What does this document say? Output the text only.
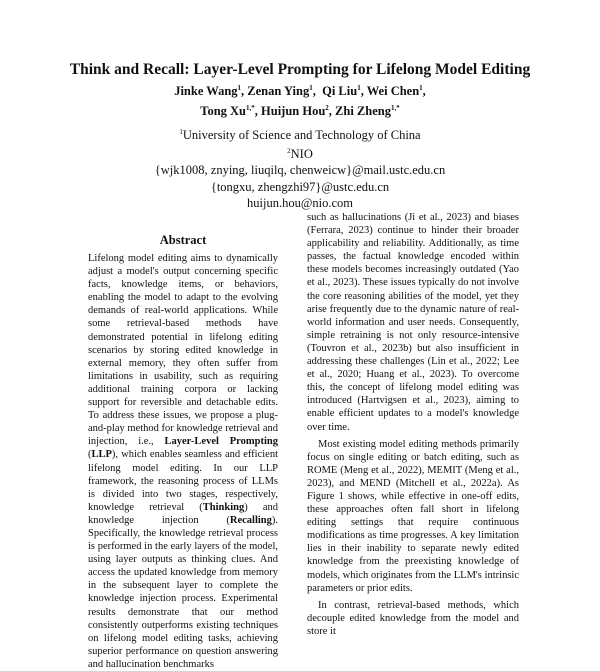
Think and Recall: Layer-Level Prompting for Lifelong Model Editing
Jinke Wang$^1$, Zenan Ying$^1$,  Qi Liu$^1$, Wei Chen$^1$,
Tong $Xu^{1,*}$, Huijun Hou$^2$, Zhi Zheng$^{1,*}$
$^1$University of Science and Technology of China
$^2$NIO
{wjk1008, znying, liuqilq, chenweicw}@mail.ustc.edu.cn
{tongxu, zhengzhi97}@ustc.edu.cn
huijun.hou@nio.com
Abstract
Lifelong model editing aims to dynamically adjust a model's output concerning specific facts, knowledge items, or behaviors, enabling the model to adapt to the evolving demands of real-world applications. While some retrieval-based methods have demonstrated potential in lifelong editing scenarios by storing edited knowledge in external memory, they often suffer from limitations in usability, such as requiring additional training corpora or lacking support for reversible and detachable edits. To address these issues, we propose a plug-and-play method for knowledge retrieval and injection, i.e., Layer-Level Prompting (LLP), which enables seamless and efficient lifelong model editing. In our LLP framework, the reasoning process of LLMs is divided into two stages, respectively, knowledge retrieval (Thinking) and knowledge injection (Recalling). Specifically, the knowledge retrieval process is performed in the early layers of the model, using layer outputs as thinking clues. And access the updated knowledge from memory in the subsequent layer to complete the knowledge injection process. Experimental results demonstrate that our method consistently outperforms existing techniques on lifelong model editing tasks, achieving superior performance on question answering and hallucination benchmarks

such as hallucinations (Ji et al., 2023) and biases (Ferrara, 2023) continue to hinder their broader applicability and reliability. Additionally, as time passes, the factual knowledge encoded within these models becomes increasingly outdated (Yao et al., 2023). These issues typically do not involve the core reasoning abilities of the model, yet they arise frequently due to the dynamic nature of real-world information and user needs. Consequently, simple retraining is not only resource-intensive (Touvron et al., 2023b) but also insufficient in addressing these challenges (Lin et al., 2022; Lee et al., 2020; Huang et al., 2023). To overcome this, the concept of lifelong model editing was introduced (Hartvigsen et al., 2023), aiming to enable efficient updates to a model's knowledge over time.

Most existing model editing methods primarily focus on single editing or batch editing, such as ROME (Meng et al., 2022), MEMIT (Meng et al., 2023), and MEND (Mitchell et al., 2022a). As Figure 1 shows, while effective in one-off edits, these approaches often fall short in lifelong editing settings that require continuous modifications as time progresses. A key limitation lies in their inability to separate newly edited knowledge from the preexisting knowledge of models, which originates from the LLM's intrinsic parameters or prior edits.

In contrast, retrieval-based methods, which decouple edited knowledge from the model and store it
